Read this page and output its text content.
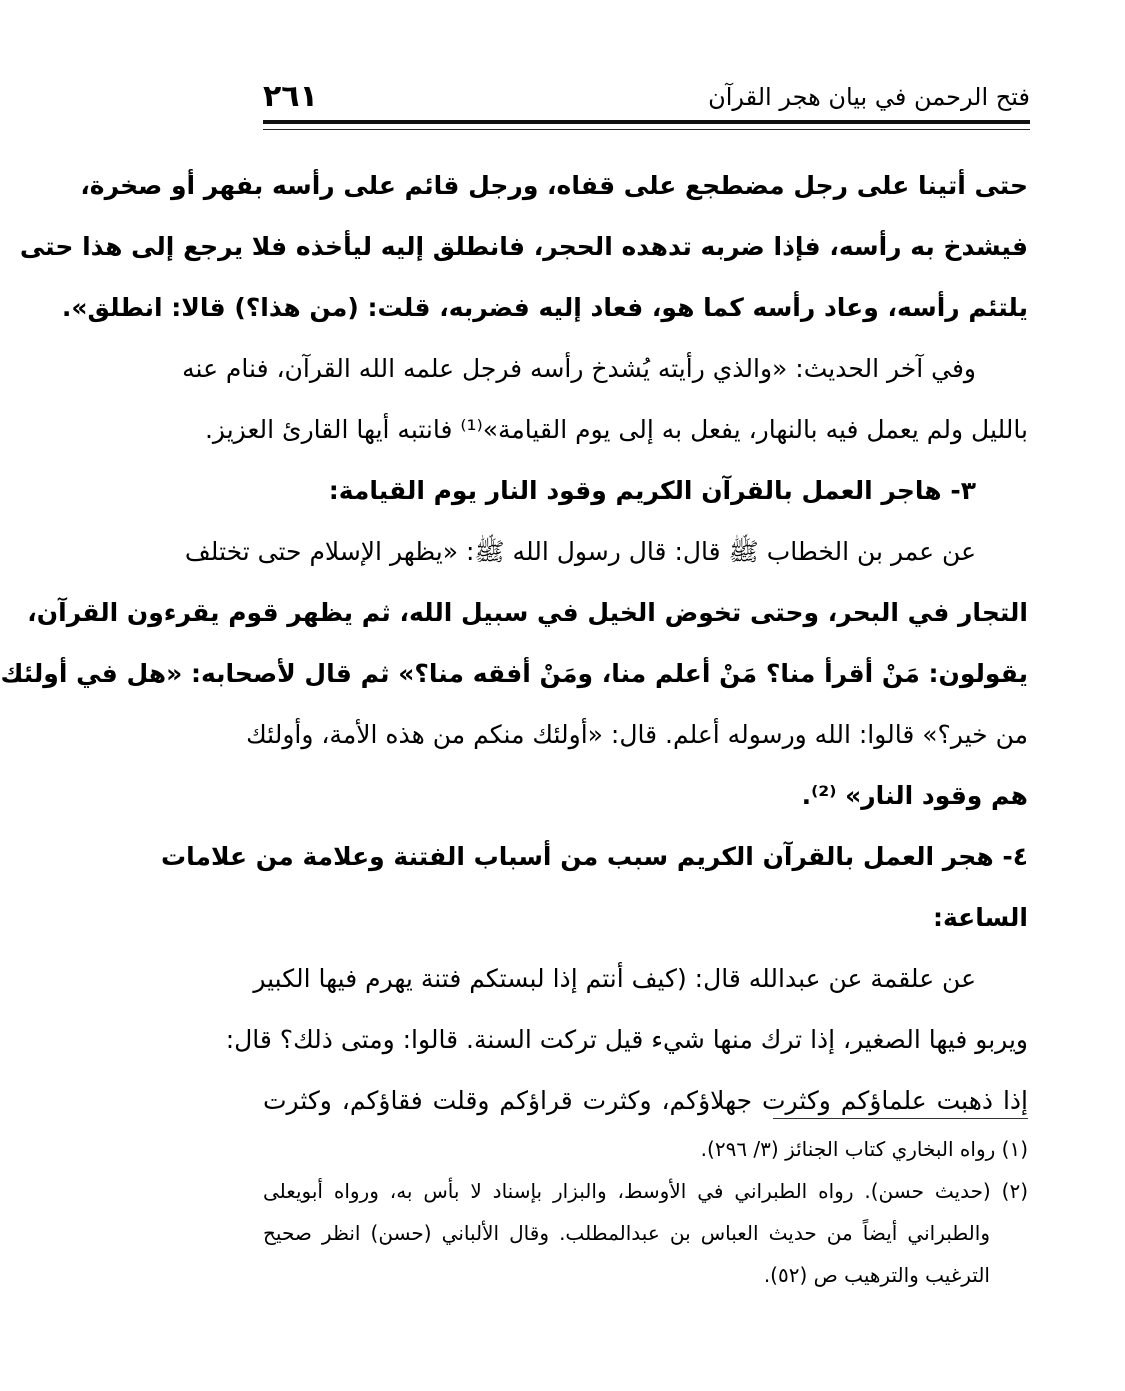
فتح الرحمن في بيان هجر القرآن
٢٦١
حتى أتينا على رجل مضطجع على قفاه، ورجل قائم على رأسه بفهر أو صخرة،
فيشدخ به رأسه، فإذا ضربه تدهده الحجر، فانطلق إليه ليأخذه فلا يرجع إلى هذا حتى
يلتئم رأسه، وعاد رأسه كما هو، فعاد إليه فضربه، قلت: (من هذا؟) قالا: انطلق».
وفي آخر الحديث: «والذي رأيته يُشدخ رأسه فرجل علمه الله القرآن، فنام عنه
بالليل ولم يعمل فيه بالنهار، يفعل به إلى يوم القيامة»⁽¹⁾ فانتبه أيها القارئ العزيز.
٣- هاجر العمل بالقرآن الكريم وقود النار يوم القيامة:
عن عمر بن الخطاب ﷺ قال: قال رسول الله ﷺ: «يظهر الإسلام حتى تختلف
التجار في البحر، وحتى تخوض الخيل في سبيل الله، ثم يظهر قوم يقرءون القرآن،
يقولون: مَنْ أقرأ منا؟ مَنْ أعلم منا، ومَنْ أفقه منا؟» ثم قال لأصحابه: «هل في أولئك
من خير؟» قالوا: الله ورسوله أعلم. قال: «أولئك منكم من هذه الأمة، وأولئك
هم وقود النار» ⁽²⁾.
٤- هجر العمل بالقرآن الكريم سبب من أسباب الفتنة وعلامة من علامات
الساعة:
عن علقمة عن عبدالله قال: (كيف أنتم إذا لبستكم فتنة يهرم فيها الكبير
ويربو فيها الصغير، إذا ترك منها شيء قيل تركت السنة. قالوا: ومتى ذلك؟ قال:
إذا ذهبت علماؤكم وكثرت جهلاؤكم، وكثرت قراؤكم وقلت فقاؤكم، وكثرت
(١) رواه البخاري كتاب الجنائز (٣/ ٢٩٦).
(٢) (حديث حسن). رواه الطبراني في الأوسط، والبزار بإسناد لا بأس به، ورواه أبويعلى
والطبراني أيضاً من حديث العباس بن عبدالمطلب. وقال الألباني (حسن) انظر صحيح
الترغيب والترهيب ص (٥٢).
